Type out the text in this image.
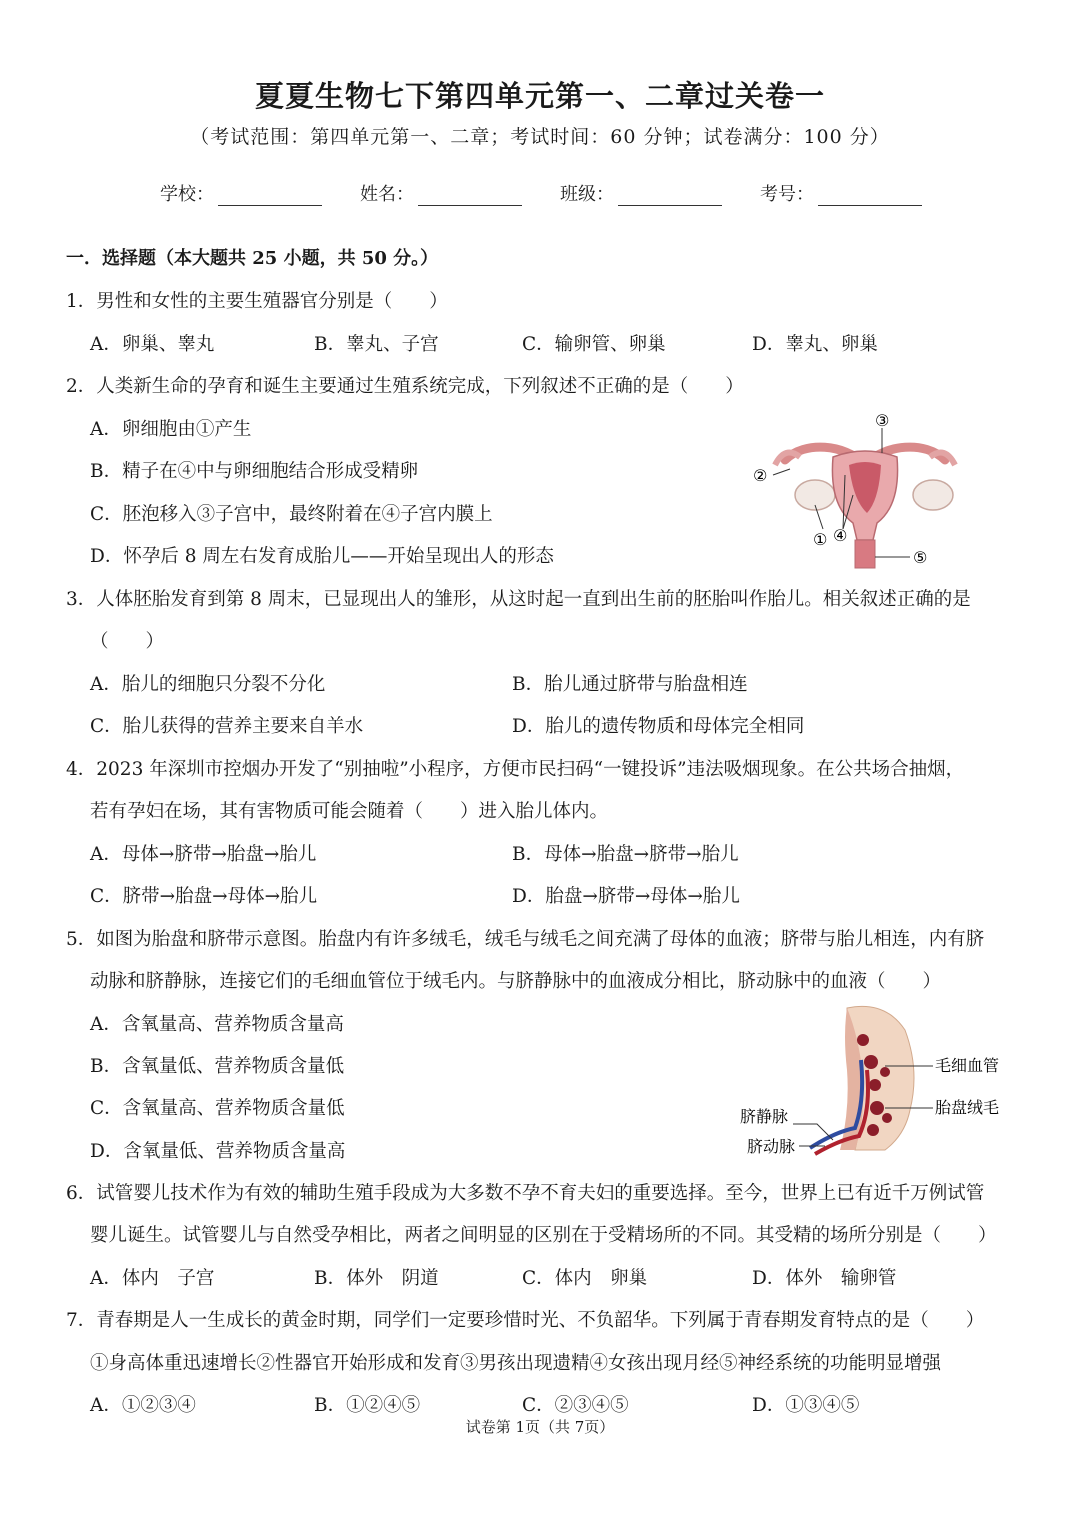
夏夏生物七下第四单元第一、二章过关卷一
（考试范围：第四单元第一、二章；考试时间：60 分钟；试卷满分：100 分）
学校：	姓名：	班级：	考号：
一．选择题（本大题共 25 小题，共 50 分。）
1．男性和女性的主要生殖器官分别是（　　）
A．卵巢、睾丸	B．睾丸、子宫	C．输卵管、卵巢	D．睾丸、卵巢
2．人类新生命的孕育和诞生主要通过生殖系统完成，下列叙述不正确的是（　　）
A．卵细胞由①产生
B．精子在④中与卵细胞结合形成受精卵
C．胚泡移入③子宫中，最终附着在④子宫内膜上
D．怀孕后 8 周左右发育成胎儿——开始呈现出人的形态
③
②
① ④
⑤
3．人体胚胎发育到第 8 周末，已显现出人的雏形，从这时起一直到出生前的胚胎叫作胎儿。相关叙述正确的是
（　　）
A．胎儿的细胞只分裂不分化	B．胎儿通过脐带与胎盘相连
C．胎儿获得的营养主要来自羊水	D．胎儿的遗传物质和母体完全相同
4．2023 年深圳市控烟办开发了“别抽啦”小程序，方便市民扫码“一键投诉”违法吸烟现象。在公共场合抽烟，
若有孕妇在场，其有害物质可能会随着（　　）进入胎儿体内。
A．母体→脐带→胎盘→胎儿	B．母体→胎盘→脐带→胎儿
C．脐带→胎盘→母体→胎儿	D．胎盘→脐带→母体→胎儿
5．如图为胎盘和脐带示意图。胎盘内有许多绒毛，绒毛与绒毛之间充满了母体的血液；脐带与胎儿相连，内有脐
动脉和脐静脉，连接它们的毛细血管位于绒毛内。与脐静脉中的血液成分相比，脐动脉中的血液（　　）
A．含氧量高、营养物质含量高
B．含氧量低、营养物质含量低
C．含氧量高、营养物质含量低
D．含氧量低、营养物质含量高
毛细血管
胎盘绒毛
脐静脉
脐动脉
6．试管婴儿技术作为有效的辅助生殖手段成为大多数不孕不育夫妇的重要选择。至今，世界上已有近千万例试管
婴儿诞生。试管婴儿与自然受孕相比，两者之间明显的区别在于受精场所的不同。其受精的场所分别是（　　）
A．体内　子宫	B．体外　阴道	C．体内　卵巢	D．体外　输卵管
7．青春期是人一生成长的黄金时期，同学们一定要珍惜时光、不负韶华。下列属于青春期发育特点的是（　　）
①身高体重迅速增长②性器官开始形成和发育③男孩出现遗精④女孩出现月经⑤神经系统的功能明显增强
A．①②③④	B．①②④⑤	C．②③④⑤	D．①③④⑤
试卷第 1页（共 7页）
